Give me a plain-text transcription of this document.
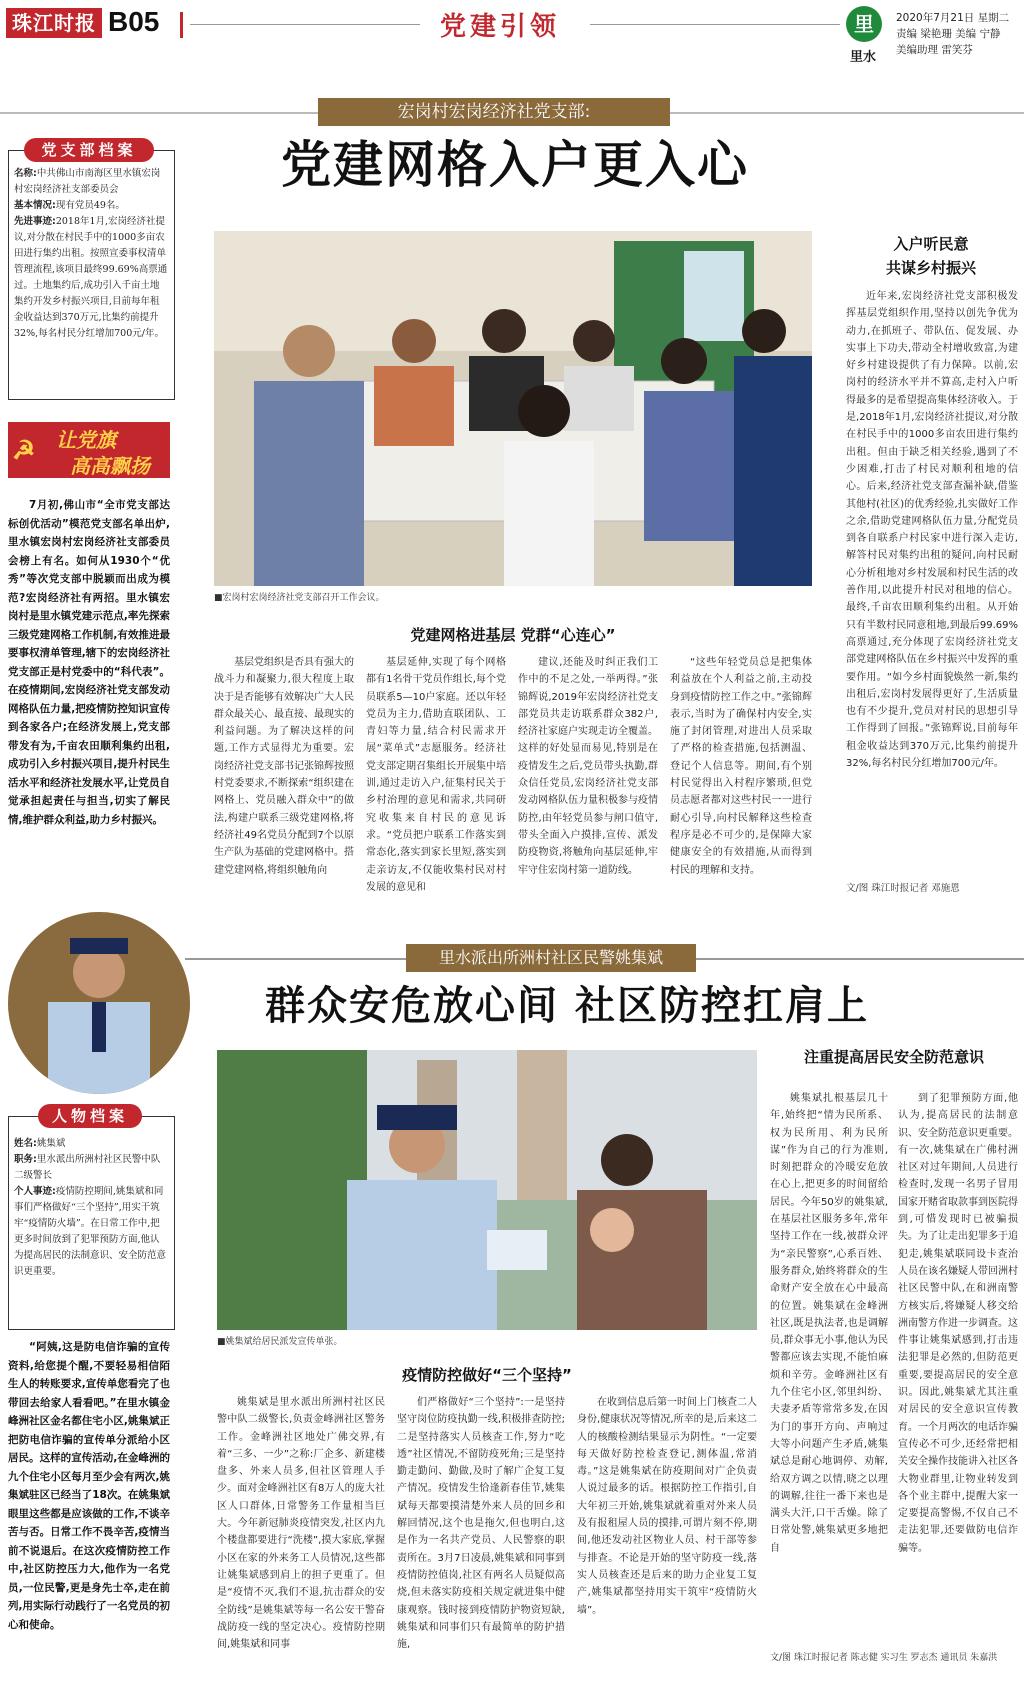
珠江时报 B05	党建引领	里
里水
2020年7月21日 星期二
责编 梁艳珊 美编 宁静
美编助理 雷笑芬
宏岗村宏岗经济社党支部:
党建网格入户更入心
党支部档案
名称:中共佛山市南海区里水镇宏岗村宏岗经济社支部委员会
基本情况:现有党员49名。
先进事迹:2018年1月,宏岗经济社提议,对分散在村民手中的1000多亩农田进行集约出租。按照宣委事权清单管理流程,该项目最终99.69%高票通过。土地集约后,成功引入千亩土地集约开发乡村振兴项目,目前每年租金收益达到370万元,比集约前提升32%,每名村民分红增加700元/年。
☭ 让党旗
高高飘扬

7月初,佛山市“全市党支部达标创优活动”模范党支部名单出炉,里水镇宏岗村宏岗经济社支部委员会榜上有名。如何从1930个“优秀”等次党支部中脱颖而出成为模范?宏岗经济社有两招。里水镇宏岗村是里水镇党建示范点,率先探索三级党建网格工作机制,有效推进最要事权清单管理,辖下的宏岗经济社党支部正是村党委中的“科代表”。在疫情期间,宏岗经济社党支部发动网格队伍力量,把疫情防控知识宣传到各家各户;在经济发展上,党支部带发有为,千亩农田顺利集约出租,成功引入乡村振兴项目,提升村民生活水平和经济社发展水平,让党员自觉承担起责任与担当,切实了解民情,维护群众利益,助力乡村振兴。

■宏岗村宏岗经济社党支部召开工作会议。
党建网格进基层 党群“心连心”

基层党组织是否具有强大的战斗力和凝聚力,很大程度上取决于是否能够有效解决广大人民群众最关心、最直接、最现实的利益问题。为了解决这样的问题,工作方式显得尤为重要。宏岗经济社党支部书记张锦辉按照村党委要求,不断探索“组织建在网格上、党员融入群众中”的做法,构建户联系三级党建网格,将经济社49名党员分配到7个以原生产队为基础的党建网格中。搭建党建网格,将组织触角向

基层延伸,实现了每个网格都有1名骨干党员作组长,每个党员联系5—10户家庭。还以年轻党员为主力,借助直联团队、工青妇等力量,结合村民需求开展“菜单式”志愿服务。经济社党支部定期召集组长开展集中培训,通过走访入户,征集村民关于乡村治理的意见和需求,共同研究收集来自村民的意见诉求。“党员把户联系工作落实到常态化,落实到家长里短,落实到走亲访友,不仅能收集村民对村发展的意见和

建议,还能及时纠正我们工作中的不足之处,一举两得。”张锦辉说,2019年宏岗经济社党支部党员共走访联系群众382户,经济社家庭户实现走访全覆盖。这样的好处显而易见,特别是在疫情发生之后,党员带头执勤,群众信任党员,宏岗经济社党支部发动网格队伍力量积极参与疫情防控,由年轻党员参与闸口值守,带头全面入户摸排,宣传、派发防疫物资,将触角向基层延伸,牢牢守住宏岗村第一道防线。

“这些年轻党员总是把集体利益放在个人利益之前,主动投身到疫情防控工作之中。”张锦辉表示,当时为了确保村内安全,实施了封闭管理,对进出人员采取了严格的检查措施,包括测温、登记个人信息等。期间,有个别村民觉得出入村程序繁琐,但党员志愿者都对这些村民一一进行耐心引导,向村民解释这些检查程序是必不可少的,是保障大家健康安全的有效措施,从而得到村民的理解和支持。

入户听民意
共谋乡村振兴

近年来,宏岗经济社党支部积极发挥基层党组织作用,坚持以创先争优为动力,在抓班子、带队伍、促发展、办实事上下功夫,带动全村增收致富,为建好乡村建设提供了有力保障。以前,宏岗村的经济水平并不算高,走村入户听得最多的是希望提高集体经济收入。于是,2018年1月,宏岗经济社提议,对分散在村民手中的1000多亩农田进行集约出租。但由于缺乏相关经验,遇到了不少困难,打击了村民对顺利租地的信心。后来,经济社党支部查漏补缺,借鉴其他村(社区)的优秀经验,扎实做好工作之余,借助党建网格队伍力量,分配党员到各自联系户村民家中进行深入走访,解答村民对集约出租的疑问,向村民耐心分析租地对乡村发展和村民生活的改善作用,以此提升村民对租地的信心。最终,千亩农田顺利集约出租。从开始只有半数村民同意租地,到最后99.69%高票通过,充分体现了宏岗经济社党支部党建网格队伍在乡村振兴中发挥的重要作用。“如今乡村面貌焕然一新,集约出租后,宏岗村发展得更好了,生活质量也有不少提升,党员对村民的思想引导工作得到了回报。”张锦辉说,目前每年租金收益达到370万元,比集约前提升32%,每名村民分红增加700元/年。

文/图 珠江时报记者 邓施恩
里水派出所洲村社区民警姚集斌
群众安危放心间 社区防控扛肩上
人物档案
姓名:姚集斌
职务:里水派出所洲村社区民警中队二级警长
个人事迹:疫情防控期间,姚集斌和同事们严格做好“三个坚持”,用实干筑牢“疫情防火墙”。在日常工作中,把更多时间放到了犯罪预防方面,他认为提高居民的法制意识、安全防范意识更重要。

“阿姨,这是防电信诈骗的宣传资料,给您提个醒,不要轻易相信陌生人的转账要求,宣传单您看完了也带回去给家人看看吧。”在里水镇金峰洲社区金名都住宅小区,姚集斌正把防电信诈骗的宣传单分派给小区居民。这样的宣传活动,在金峰洲的九个住宅小区每月至少会有两次,姚集斌驻区已经当了18次。在姚集斌眼里这些都是应该做的工作,不谈辛苦与否。日常工作不畏辛苦,疫情当前不说退后。在这次疫情防控工作中,社区防控压力大,他作为一名党员,一位民警,更是身先士卒,走在前列,用实际行动践行了一名党员的初心和使命。

■姚集斌给居民派发宣传单张。
疫情防控做好“三个坚持”

姚集斌是里水派出所洲村社区民警中队二级警长,负责金峰洲社区警务工作。金峰洲社区地处广佛交界,有着“三多、一少”之称:厂企多、新建楼盘多、外来人员多,但社区管理人手少。面对金峰洲社区有8万人的庞大社区人口群体,日常警务工作量相当巨大。今年新冠肺炎疫情突发,社区内九个楼盘都要进行“洗楼”,摸大家底,掌握小区在家的外来务工人员情况,这些都让姚集斌感到肩上的担子更重了。但是“疫情不灭,我们不退,抗击群众的安全防线”是姚集斌等每一名公安干警奋战防疫一线的坚定决心。疫情防控期间,姚集斌和同事

们严格做好“三个坚持”:一是坚持坚守岗位防疫执勤一线,积极排查防控;二是坚持落实人员核查工作,努力“吃透”社区情况,不留防疫死角;三是坚持勤走勤问、勤做,及时了解广企复工复产情况。疫情发生恰逢新春佳节,姚集斌每天都要摸清楚外来人员的回乡和解回情况,这个也是拖欠,但也明白,这是作为一名共产党员、人民警察的职责所在。3月7日凌晨,姚集斌和同事到疫情防控值岗,社区有两名人员疑似高烧,但未落实防疫相关规定就进集中健康观察。钱时接到疫情防护物资短缺,姚集斌和同事们只有最简单的防护措施,

在收到信息后第一时间上门核查二人身份,健康状况等情况,所幸的是,后来这二人的核酸检测结果显示为阴性。“一定要每天做好防控检查登记,测体温,常消毒。”这是姚集斌在防疫期间对广企负责人说过最多的话。根据防控工作指引,自大年初三开始,姚集斌就着重对外来人员及有报租屋人员的摸排,可谓片刻不停,期间,他还发动社区物业人员、村干部等参与排查。不论是开始的坚守防疫一线,落实人员核查还是后来的助力企业复工复产,姚集斌都坚持用实干筑牢“疫情防火墙”。

注重提高居民安全防范意识

姚集斌扎根基层几十年,始终把“情为民所系、权为民所用、利为民所谋”作为自己的行为准则,时刻把群众的冷暖安危放在心上,把更多的时间留给居民。今年50岁的姚集斌,在基层社区服务多年,常年坚持工作在一线,被群众评为“亲民警察”,心系百姓、服务群众,始终将群众的生命财产安全放在心中最高的位置。姚集斌在金峰洲社区,既是执法者,也是调解员,群众事无小事,他认为民警都应该去实现,不能怕麻烦和辛劳。金峰洲社区有九个住宅小区,邻里纠纷、夫妻矛盾等常常多发,在因为门的事开方向、声响过大等小问题产生矛盾,姚集斌总是耐心地调停、劝解,给双方调之以情,晓之以理的调解,往往一番下来也是满头大汗,口干舌燥。除了日常处警,姚集斌更多地把自

到了犯罪预防方面,他认为,提高居民的法制意识、安全防范意识更重要。有一次,姚集斌在广佛村洲社区对过年期间,人员进行检查时,发现一名男子冒用国家开赌省取款事到医院得到,可惜发现时已被骗损失。为了让走出犯罪多于追犯走,姚集斌联同设卡查治人员在该名嫌疑人带回洲村社区民警中队,在和洲南警方核实后,将嫌疑人移交给洲南警方作进一步调查。这件事让姚集斌感到,打击违法犯罪是必然的,但防范更重要,要提高居民的安全意识。因此,姚集斌尤其注重对居民的安全意识宣传教育。一个月两次的电话诈骗宣传必不可少,还经常把相关安全操作技能讲入社区各大物业群里,让物业转发到各个业主群中,提醒大家一定要提高警惕,不仅自己不走法犯罪,还要做防电信诈骗等。

文/图 珠江时报记者 陈志健 实习生 罗志杰 通讯员 朱嘉洪
